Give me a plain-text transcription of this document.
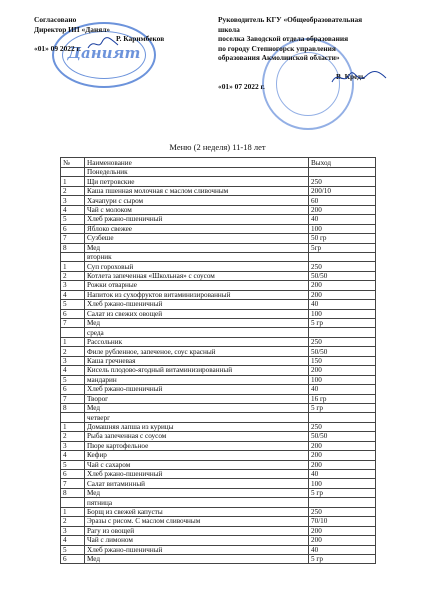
Согласовано
Директор ИП «Данял»
Р. Каримбеков
«01» 09 2022 г.
Даният
Руководитель КГУ «Общеобразовательная
школа
поселка Заводской отдела образования
по городу Степногорск управления
образования Акмолинской области»
В. Кредь
«01» 07 2022 г.
Меню (2 неделя) 11-18 лет
№	Наименование	Выход
	Понедельник	
1	Щи петровские	250
2	Каша пшенная молочная с маслом сливочным	200/10
3	Хачапури с сыром	60
4	Чай с молоком	200
5	Хлеб ржано-пшеничный	40
6	Яблоко свежее	100
7	Сузбеше	50 гр
8	Мед	5гр
	вторник	
1	Суп гороховый	250
2	Котлета запеченная «Школьная» с соусом	50/50
3	Рожки отварные	200
4	Напиток из сухофруктов витаминизированный	200
5	Хлеб ржано-пшеничный	40
6	Салат из свежих овощей	100
7	Мед	5 гр
	среда	
1	Рассольник	250
2	Филе рубленное, запеченое, соус красный	50/50
3	Каша гречневая	150
4	Кисель плодово-ягодный витаминизированный	200
5	мандарин	100
6	Хлеб ржано-пшеничный	40
7	Творог	16 гр
8	Мед	5 гр
	четверг	
1	Домашняя лапша из курицы	250
2	Рыба запеченная с соусом	50/50
3	Пюре картофельное	200
4	Кефир	200
5	Чай с сахаром	200
6	Хлеб ржано-пшеничный	40
7	Салат витаминный	100
8	Мед	5 гр
	пятница	
1	Борщ из свежей капусты	250
2	Эразы с рисом. С маслом сливочным	70/10
3	Рагу из овощей	200
4	Чай с лимоном	200
5	Хлеб ржано-пшеничный	40
6	Мед	5 гр
